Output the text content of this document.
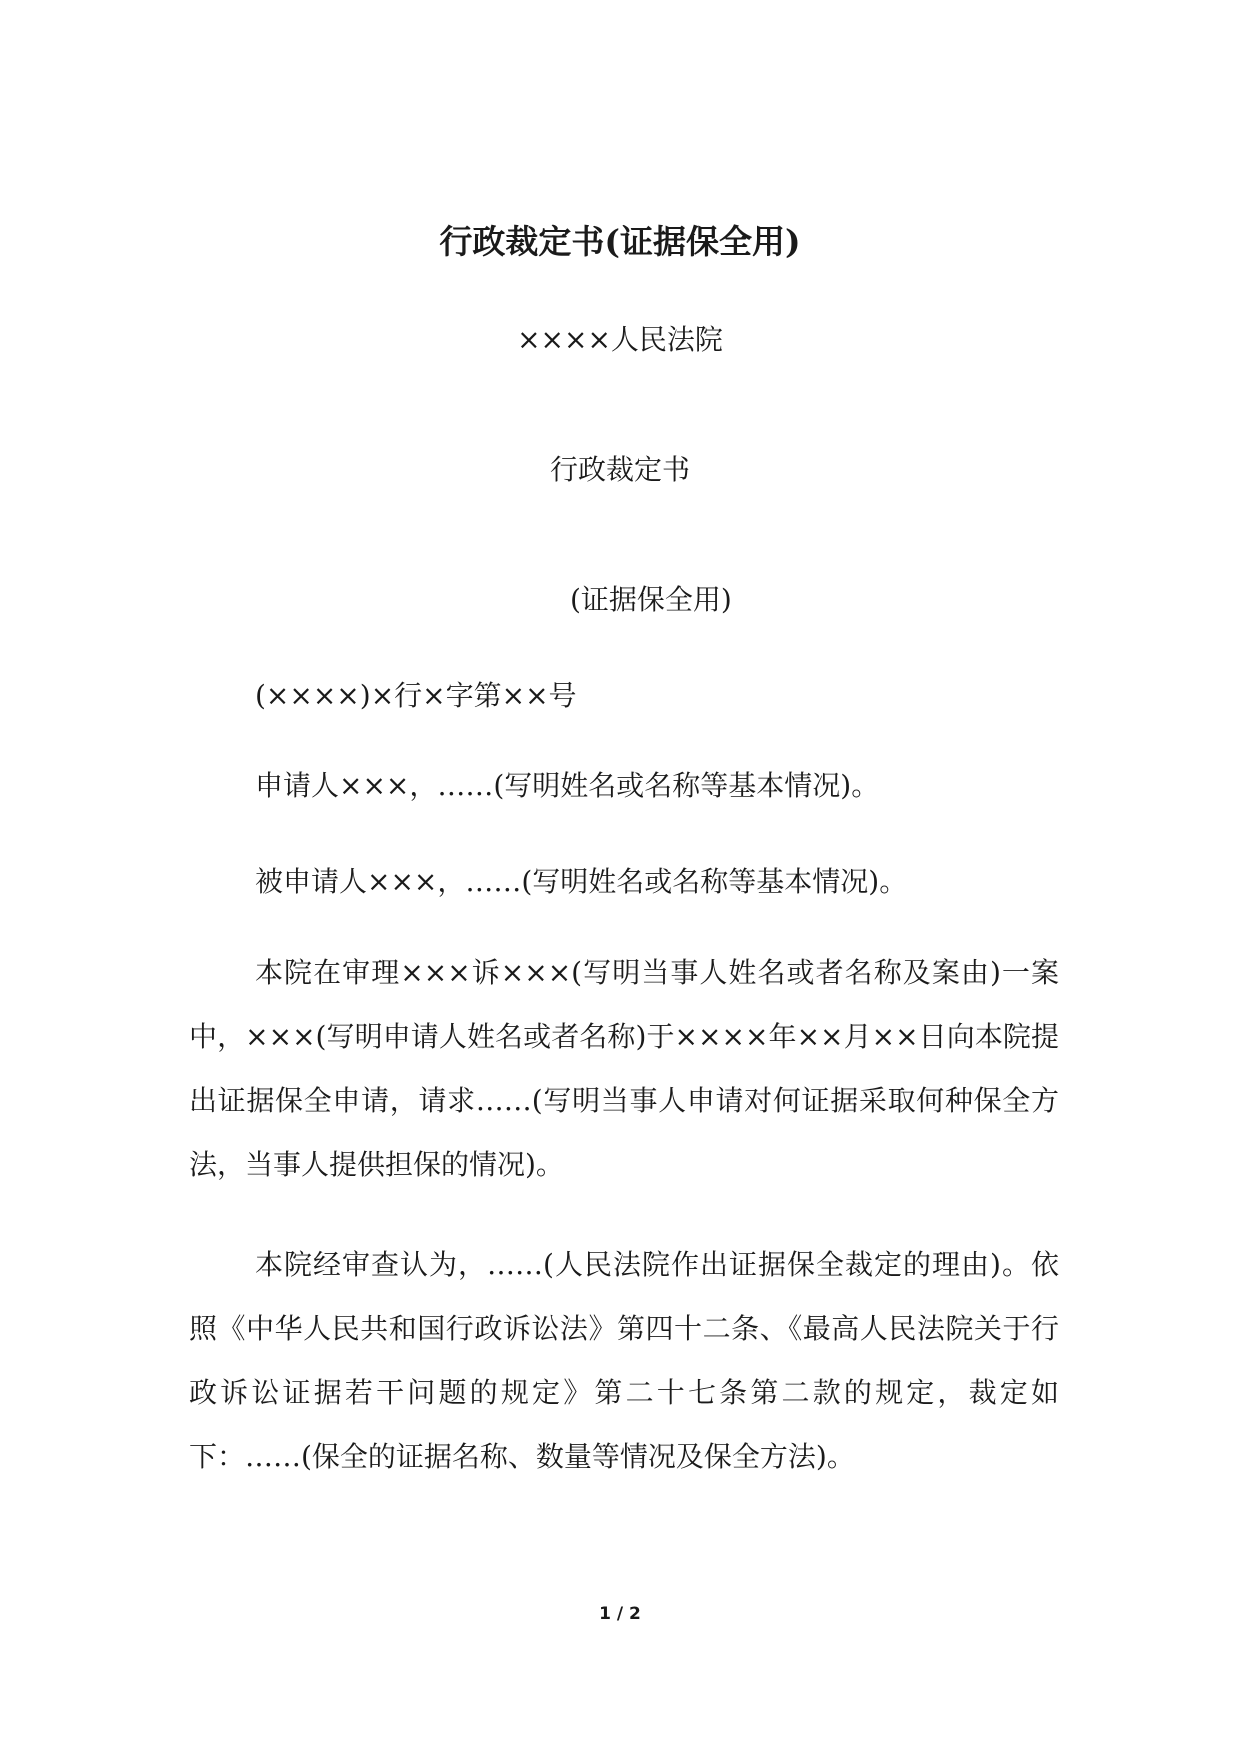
行政裁定书(证据保全用)
××××人民法院
行政裁定书
(证据保全用)
(××××)×行×字第××号
申请人×××，……(写明姓名或名称等基本情况)。
被申请人×××，……(写明姓名或名称等基本情况)。
本院在审理×××诉×××(写明当事人姓名或者名称及案由)一案中，×××(写明申请人姓名或者名称)于××××年××月××日向本院提出证据保全申请，请求……(写明当事人申请对何证据采取何种保全方法，当事人提供担保的情况)。
本院经审查认为，……(人民法院作出证据保全裁定的理由)。依照《中华人民共和国行政诉讼法》第四十二条、《最高人民法院关于行政诉讼证据若干问题的规定》第二十七条第二款的规定，裁定如下：……(保全的证据名称、数量等情况及保全方法)。
1 / 2
